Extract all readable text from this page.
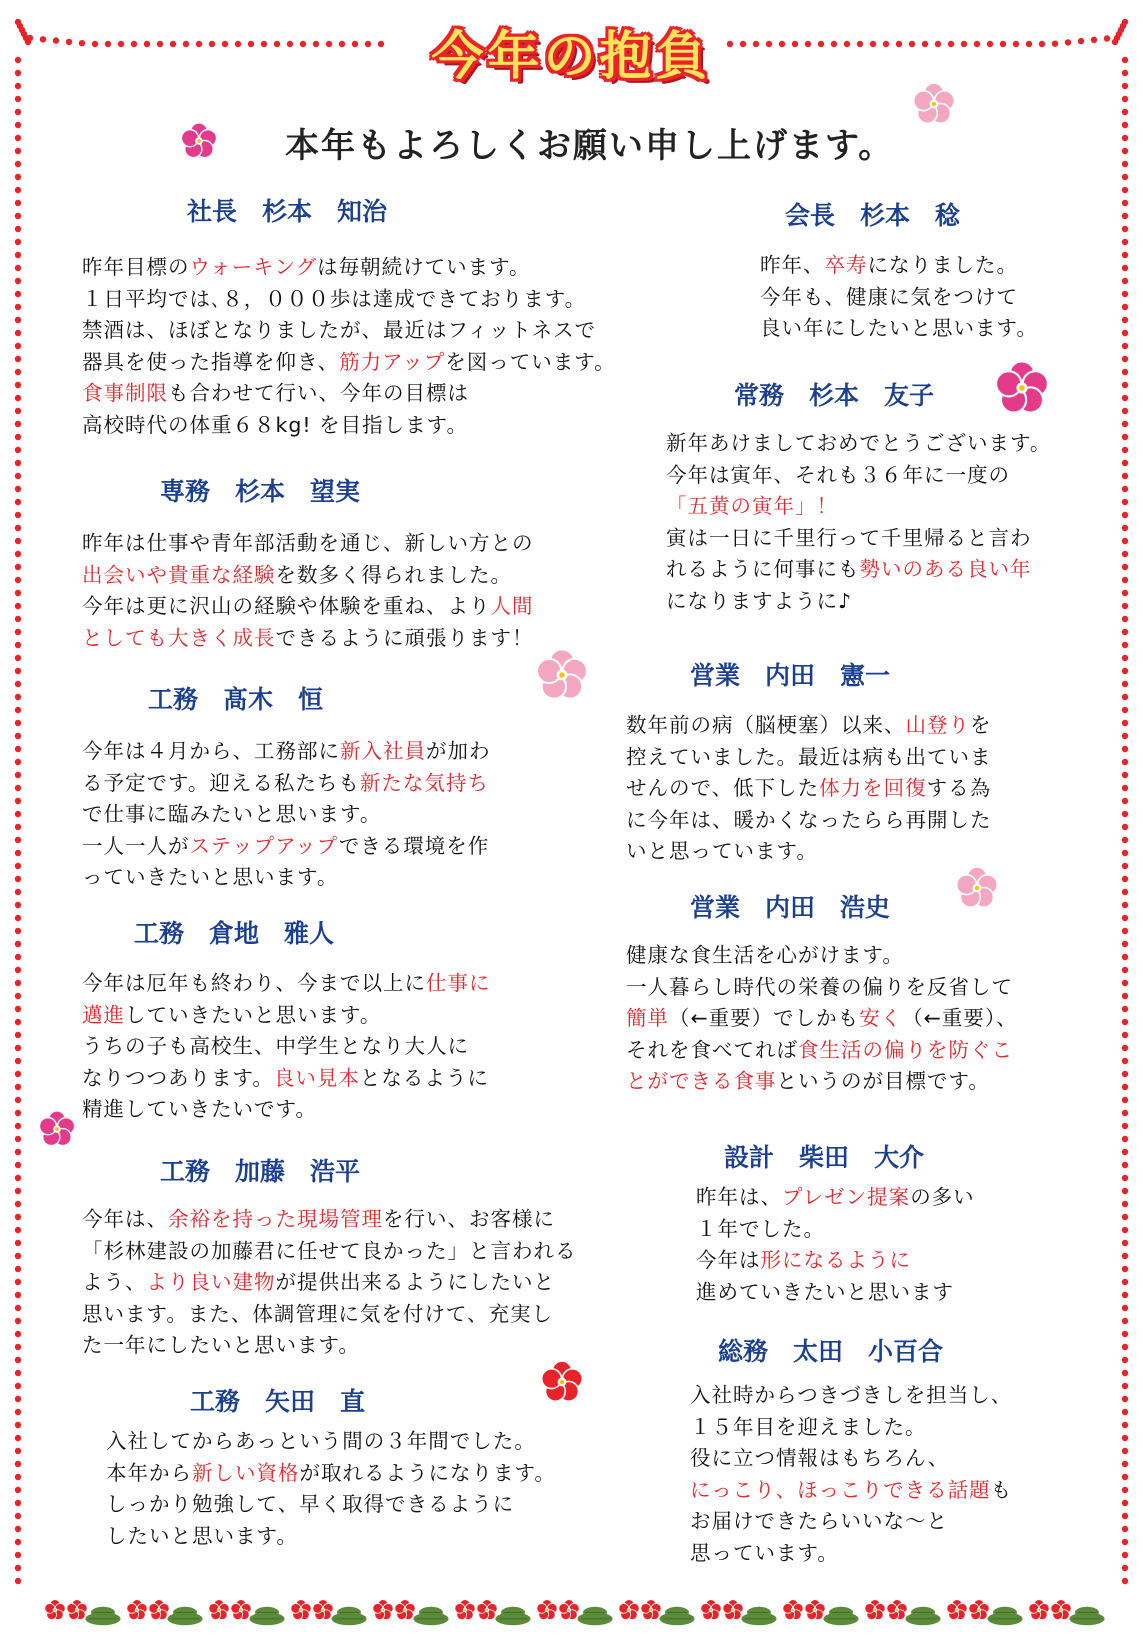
今年の抱負
本年もよろしくお願い申し上げます。
社長　杉本　知治
昨年目標のウォーキングは毎朝続けています。
１日平均では､８，０００歩は達成できております。
禁酒は、ほぼとなりましたが、最近はフィットネスで
器具を使った指導を仰き、筋力アップを図っています。
食事制限も合わせて行い、今年の目標は
高校時代の体重６８kg! を目指します。
会長　杉本　稔
昨年、卒寿になりました。
今年も、健康に気をつけて
良い年にしたいと思います。
常務　杉本　友子
新年あけましておめでとうございます。
今年は寅年、それも３６年に一度の
「五黄の寅年」！
寅は一日に千里行って千里帰ると言わ
れるように何事にも勢いのある良い年
になりますように♪
専務　杉本　望実
昨年は仕事や青年部活動を通じ、新しい方との
出会いや貴重な経験を数多く得られました。
今年は更に沢山の経験や体験を重ね、より人間
としても大きく成長できるように頑張ります！
営業　内田　憲一
数年前の病（脳梗塞）以来、山登りを
控えていました。最近は病も出ていま
せんので、低下した体力を回復する為
に今年は、暖かくなったらら再開した
いと思っています。
工務　髙木　恒
今年は４月から、工務部に新入社員が加わ
る予定です。迎える私たちも新たな気持ち
で仕事に臨みたいと思います。
一人一人がステップアップできる環境を作
っていきたいと思います。
営業　内田　浩史
健康な食生活を心がけます。
一人暮らし時代の栄養の偏りを反省して
簡単（←重要）でしかも安く（←重要）、
それを食べてれば食生活の偏りを防ぐこ
とができる食事というのが目標です。
工務　倉地　雅人
今年は厄年も終わり、今まで以上に仕事に
邁進していきたいと思います。
うちの子も高校生、中学生となり大人に
なりつつあります。良い見本となるように
精進していきたいです。
設計　柴田　大介
昨年は、プレゼン提案の多い
１年でした。
今年は形になるように
進めていきたいと思います
工務　加藤　浩平
今年は、余裕を持った現場管理を行い、お客様に
「杉林建設の加藤君に任せて良かった」と言われる
よう、より良い建物が提供出来るようにしたいと
思います。また、体調管理に気を付けて、充実し
た一年にしたいと思います。	総務　太田　小百合
入社時からつきづきしを担当し、
１５年目を迎えました。
役に立つ情報はもちろん、
にっこり、ほっこりできる話題も
お届けできたらいいな～と
思っています。
工務　矢田　直
入社してからあっという間の３年間でした。
本年から新しい資格が取れるようになります。
しっかり勉強して、早く取得できるように
したいと思います。
